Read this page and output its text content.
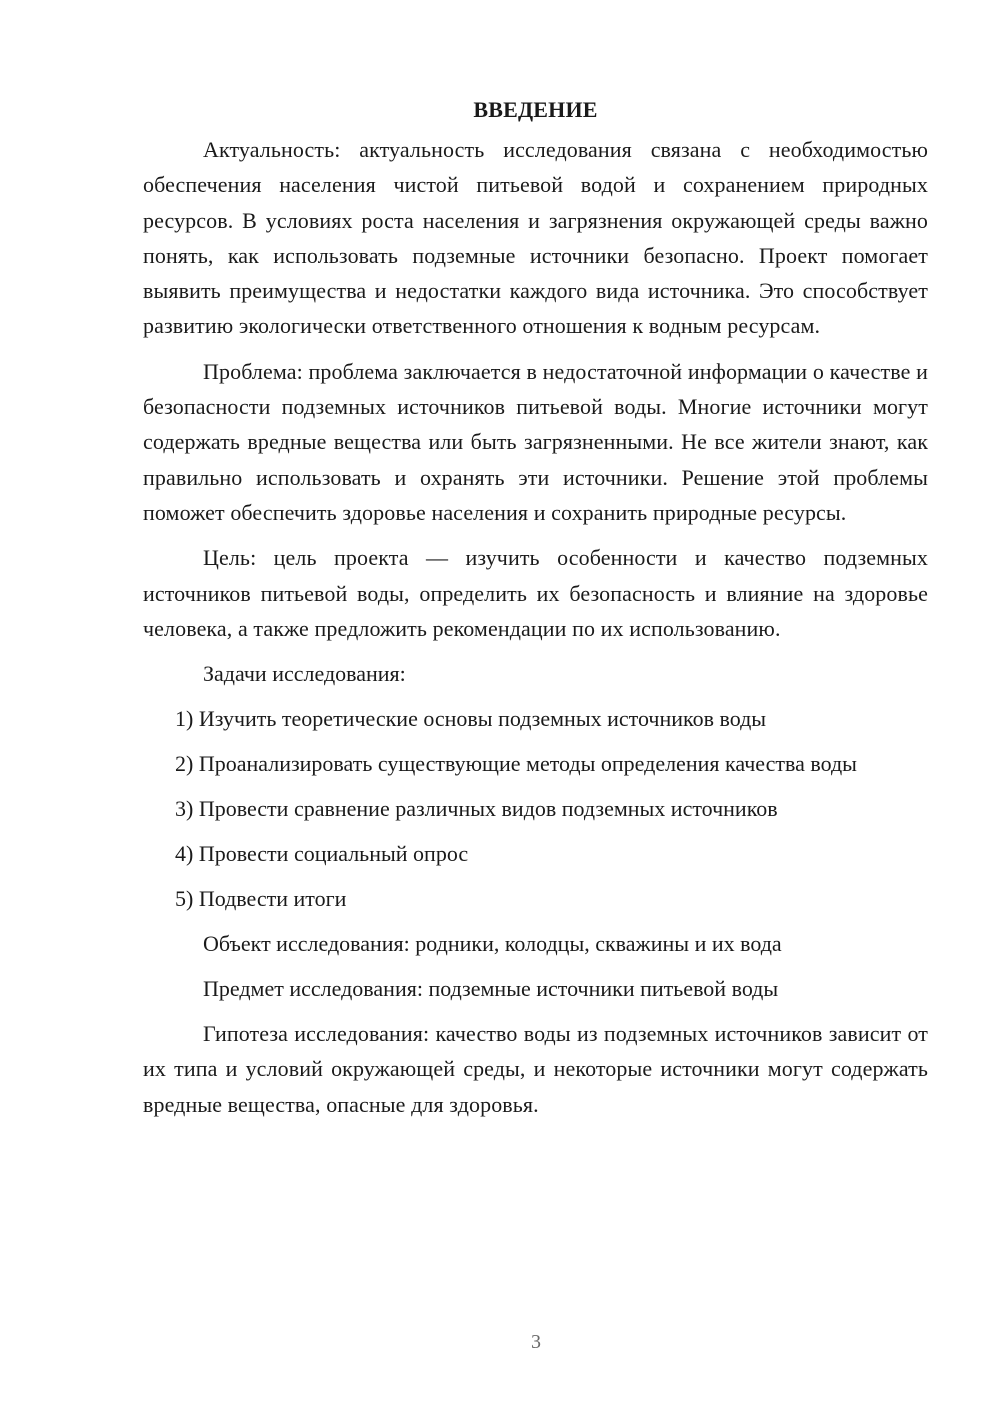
ВВЕДЕНИЕ

Актуальность: актуальность исследования связана с необходимостью обеспечения населения чистой питьевой водой и сохранением природных ресурсов. В условиях роста населения и загрязнения окружающей среды важно понять, как использовать подземные источники безопасно. Проект помогает выявить преимущества и недостатки каждого вида источника. Это способствует развитию экологически ответственного отношения к водным ресурсам.

Проблема: проблема заключается в недостаточной информации о качестве и безопасности подземных источников питьевой воды. Многие источники могут содержать вредные вещества или быть загрязненными. Не все жители знают, как правильно использовать и охранять эти источники. Решение этой проблемы поможет обеспечить здоровье населения и сохранить природные ресурсы.

Цель: цель проекта — изучить особенности и качество подземных источников питьевой воды, определить их безопасность и влияние на здоровье человека, а также предложить рекомендации по их использованию.

Задачи исследования:

1) Изучить теоретические основы подземных источников воды

2) Проанализировать существующие методы определения качества воды

3) Провести сравнение различных видов подземных источников

4) Провести социальный опрос

5) Подвести итоги

Объект исследования: родники, колодцы, скважины и их вода

Предмет исследования: подземные источники питьевой воды

Гипотеза исследования: качество воды из подземных источников зависит от их типа и условий окружающей среды, и некоторые источники могут содержать вредные вещества, опасные для здоровья.

3
